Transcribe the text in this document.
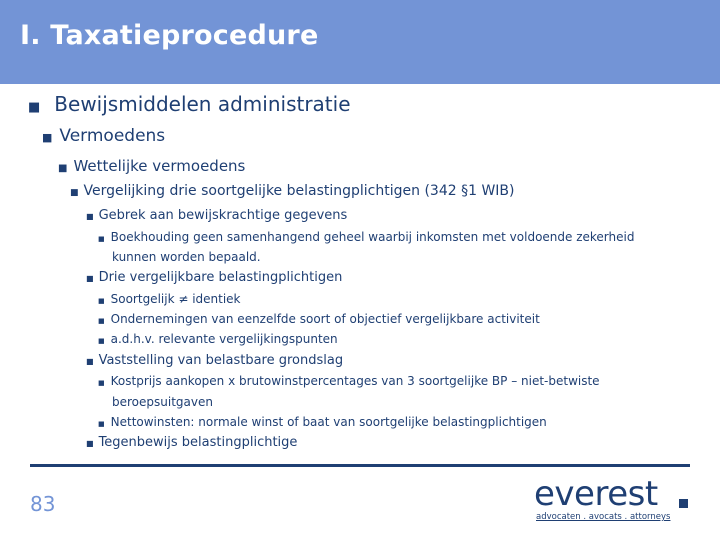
I. Taxatieprocedure
■ Bewijsmiddelen administratie
■ Vermoedens
■ Wettelijke vermoedens
■ Vergelijking drie soortgelijke belastingplichtigen (342 §1 WIB)
■ Gebrek aan bewijskrachtige gegevens
■ Boekhouding geen samenhangend geheel waarbij inkomsten met voldoende zekerheid
kunnen worden bepaald.
■ Drie vergelijkbare belastingplichtigen
■ Soortgelijk ≠ identiek
■ Ondernemingen van eenzelfde soort of objectief vergelijkbare activiteit
■ a.d.h.v. relevante vergelijkingspunten
■ Vaststelling van belastbare grondslag
■ Kostprijs aankopen x brutowinstpercentages van 3 soortgelijke BP – niet-betwiste
beroepsuitgaven
■ Nettowinsten: normale winst of baat van soortgelijke belastingplichtigen
■ Tegenbewijs belastingplichtige
83	everest
advocaten . avocats . attorneys
